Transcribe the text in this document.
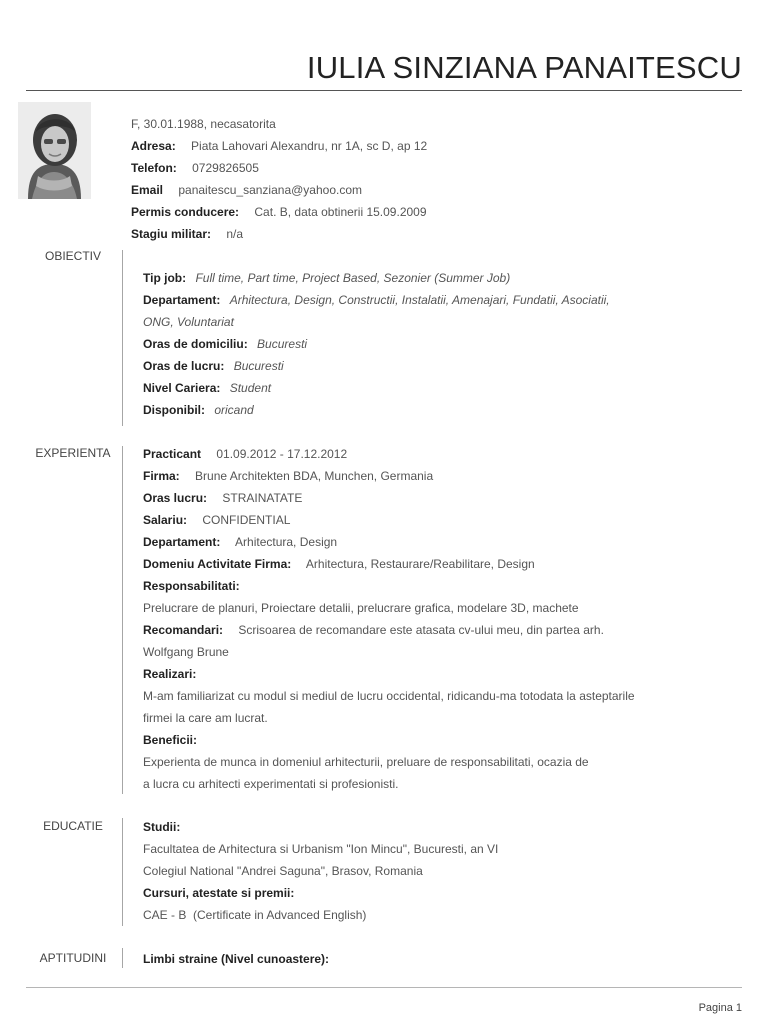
IULIA SINZIANA PANAITESCU
F, 30.01.1988, necasatorita
Adresa: Piata Lahovari Alexandru, nr 1A, sc D, ap 12
Telefon: 0729826505
Email panaitescu_sanziana@yahoo.com
Permis conducere: Cat. B, data obtinerii 15.09.2009
Stagiu militar: n/a
OBIECTIV
Tip job: Full time, Part time, Project Based, Sezonier (Summer Job)
Departament: Arhitectura, Design, Constructii, Instalatii, Amenajari, Fundatii, Asociatii,
ONG, Voluntariat
Oras de domiciliu: Bucuresti
Oras de lucru: Bucuresti
Nivel Cariera: Student
Disponibil: oricand
EXPERIENTA	Practicant 01.09.2012 - 17.12.2012
Firma: Brune Architekten BDA, Munchen, Germania
Oras lucru: STRAINATATE
Salariu: CONFIDENTIAL
Departament: Arhitectura, Design
Domeniu Activitate Firma: Arhitectura, Restaurare/Reabilitare, Design
Responsabilitati:
Prelucrare de planuri, Proiectare detalii, prelucrare grafica, modelare 3D, machete
Recomandari: Scrisoarea de recomandare este atasata cv-ului meu, din partea arh.
Wolfgang Brune
Realizari:
M-am familiarizat cu modul si mediul de lucru occidental, ridicandu-ma totodata la asteptarile
firmei la care am lucrat.
Beneficii:
Experienta de munca in domeniul arhitecturii, preluare de responsabilitati, ocazia de
a lucra cu arhitecti experimentati si profesionisti.
EDUCATIE	Studii:
Facultatea de Arhitectura si Urbanism "Ion Mincu", Bucuresti, an VI
Colegiul National "Andrei Saguna", Brasov, Romania
Cursuri, atestate si premii:
CAE - B  (Certificate in Advanced English)
APTITUDINI	Limbi straine (Nivel cunoastere):
Pagina 1
